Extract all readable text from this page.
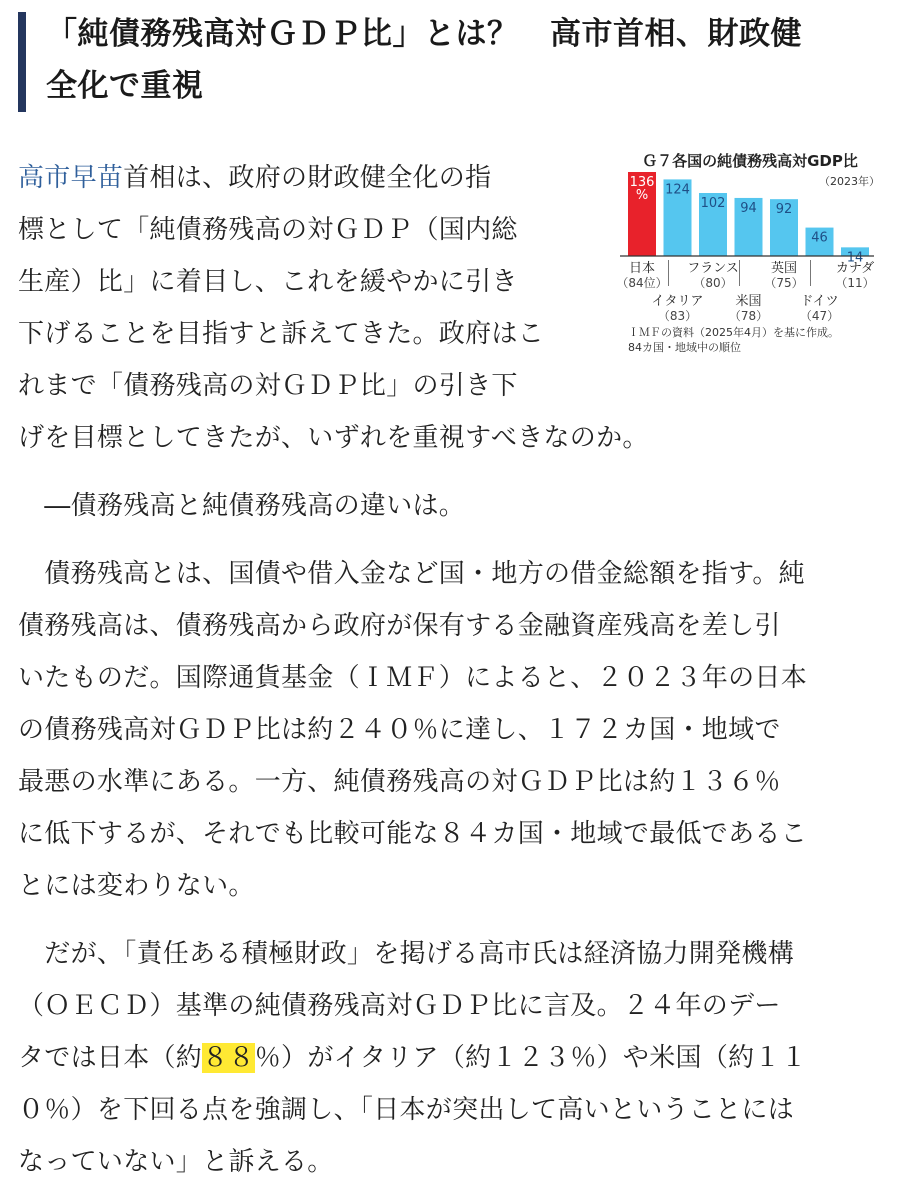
「純債務残高対ＧＤＰ比」とは？　高市首相、財政健
全化で重視
高市早苗首相は、政府の財政健全化の指
標として「純債務残高の対ＧＤＰ（国内総
生産）比」に着目し、これを緩やかに引き
下げることを目指すと訴えてきた。政府はこ
れまで「債務残高の対ＧＤＰ比」の引き下
げを目標としてきたが、いずれを重視すべきなのか。
　―債務残高と純債務残高の違いは。
　債務残高とは、国債や借入金など国・地方の借金総額を指す。純
債務残高は、債務残高から政府が保有する金融資産残高を差し引
いたものだ。国際通貨基金（ＩＭＦ）によると、２０２３年の日本
の債務残高対ＧＤＰ比は約２４０％に達し、１７２カ国・地域で
最悪の水準にある。一方、純債務残高の対ＧＤＰ比は約１３６％
に低下するが、それでも比較可能な８４カ国・地域で最低であるこ
とには変わりない。
　だが、「責任ある積極財政」を掲げる高市氏は経済協力開発機構
（ＯＥＣＤ）基準の純債務残高対ＧＤＰ比に言及。２４年のデー
タでは日本（約８８％）がイタリア（約１２３％）や米国（約１１
０％）を下回る点を強調し、「日本が突出して高いということには
なっていない」と訴える。
Ｇ７各国の純債務残高対GDP比
（2023年）
136
% 124
102 94 92
46
14
日本
（84位）
イタリア
（83）
フランス
（80）
米国
（78）
英国
（75）
ドイツ
（47）
カナダ
（11）
ＩＭＦの資料（2025年4月）を基に作成。
84カ国・地域中の順位
